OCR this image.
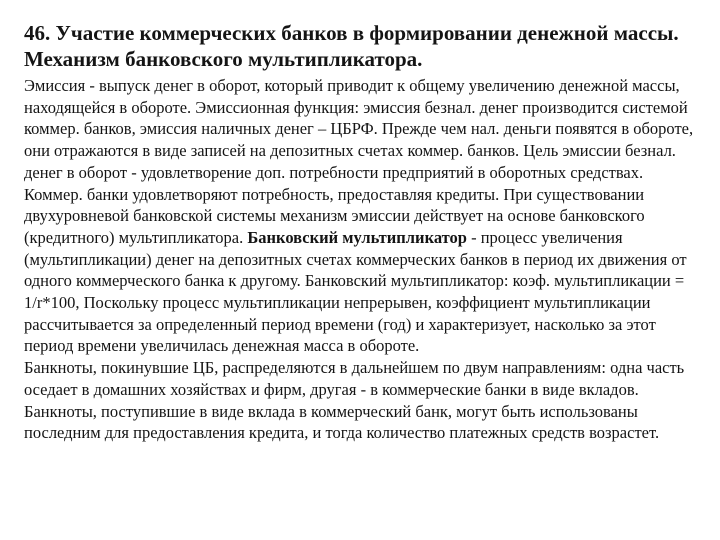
46. Участие коммерческих банков в формировании денежной массы. Механизм банковского мультипликатора.

Эмиссия - выпуск денег в оборот, который приводит к общему увеличению денежной массы, находящейся в обороте. Эмиссионная функция: эмиссия безнал. денег производится системой коммер. банков, эмиссия наличных денег – ЦБРФ. Прежде чем нал. деньги появятся в обороте, они отражаются в виде записей на депозитных счетах коммер. банков. Цель эмиссии безнал. денег в оборот - удовлетворение доп. потребности предприятий в оборотных средствах. Коммер. банки удовлетворяют потребность, предоставляя кредиты. При существовании двухуровневой банковской системы механизм эмиссии действует на основе банковского (кредитного) мультипликатора. Банковский мультипликатор - процесс увеличения (мультипликации) денег на депозитных счетах коммерческих банков в период их движения от одного коммерческого банка к другому. Банковский мультипликатор: коэф. мультипликации = 1/r*100, Поскольку процесс мультипликации непрерывен, коэффициент мультипликации рассчитывается за определенный период времени (год) и характеризует, насколько за этот период времени увеличилась денежная масса в обороте.

Банкноты, покинувшие ЦБ, распределяются в дальнейшем по двум направлениям: одна часть оседает в домашних хозяйствах и фирм, другая - в коммерческие банки в виде вкладов. Банкноты, поступившие в виде вклада в коммерческий банк, могут быть использованы последним для предоставления кредита, и тогда количество платежных средств возрастет.
